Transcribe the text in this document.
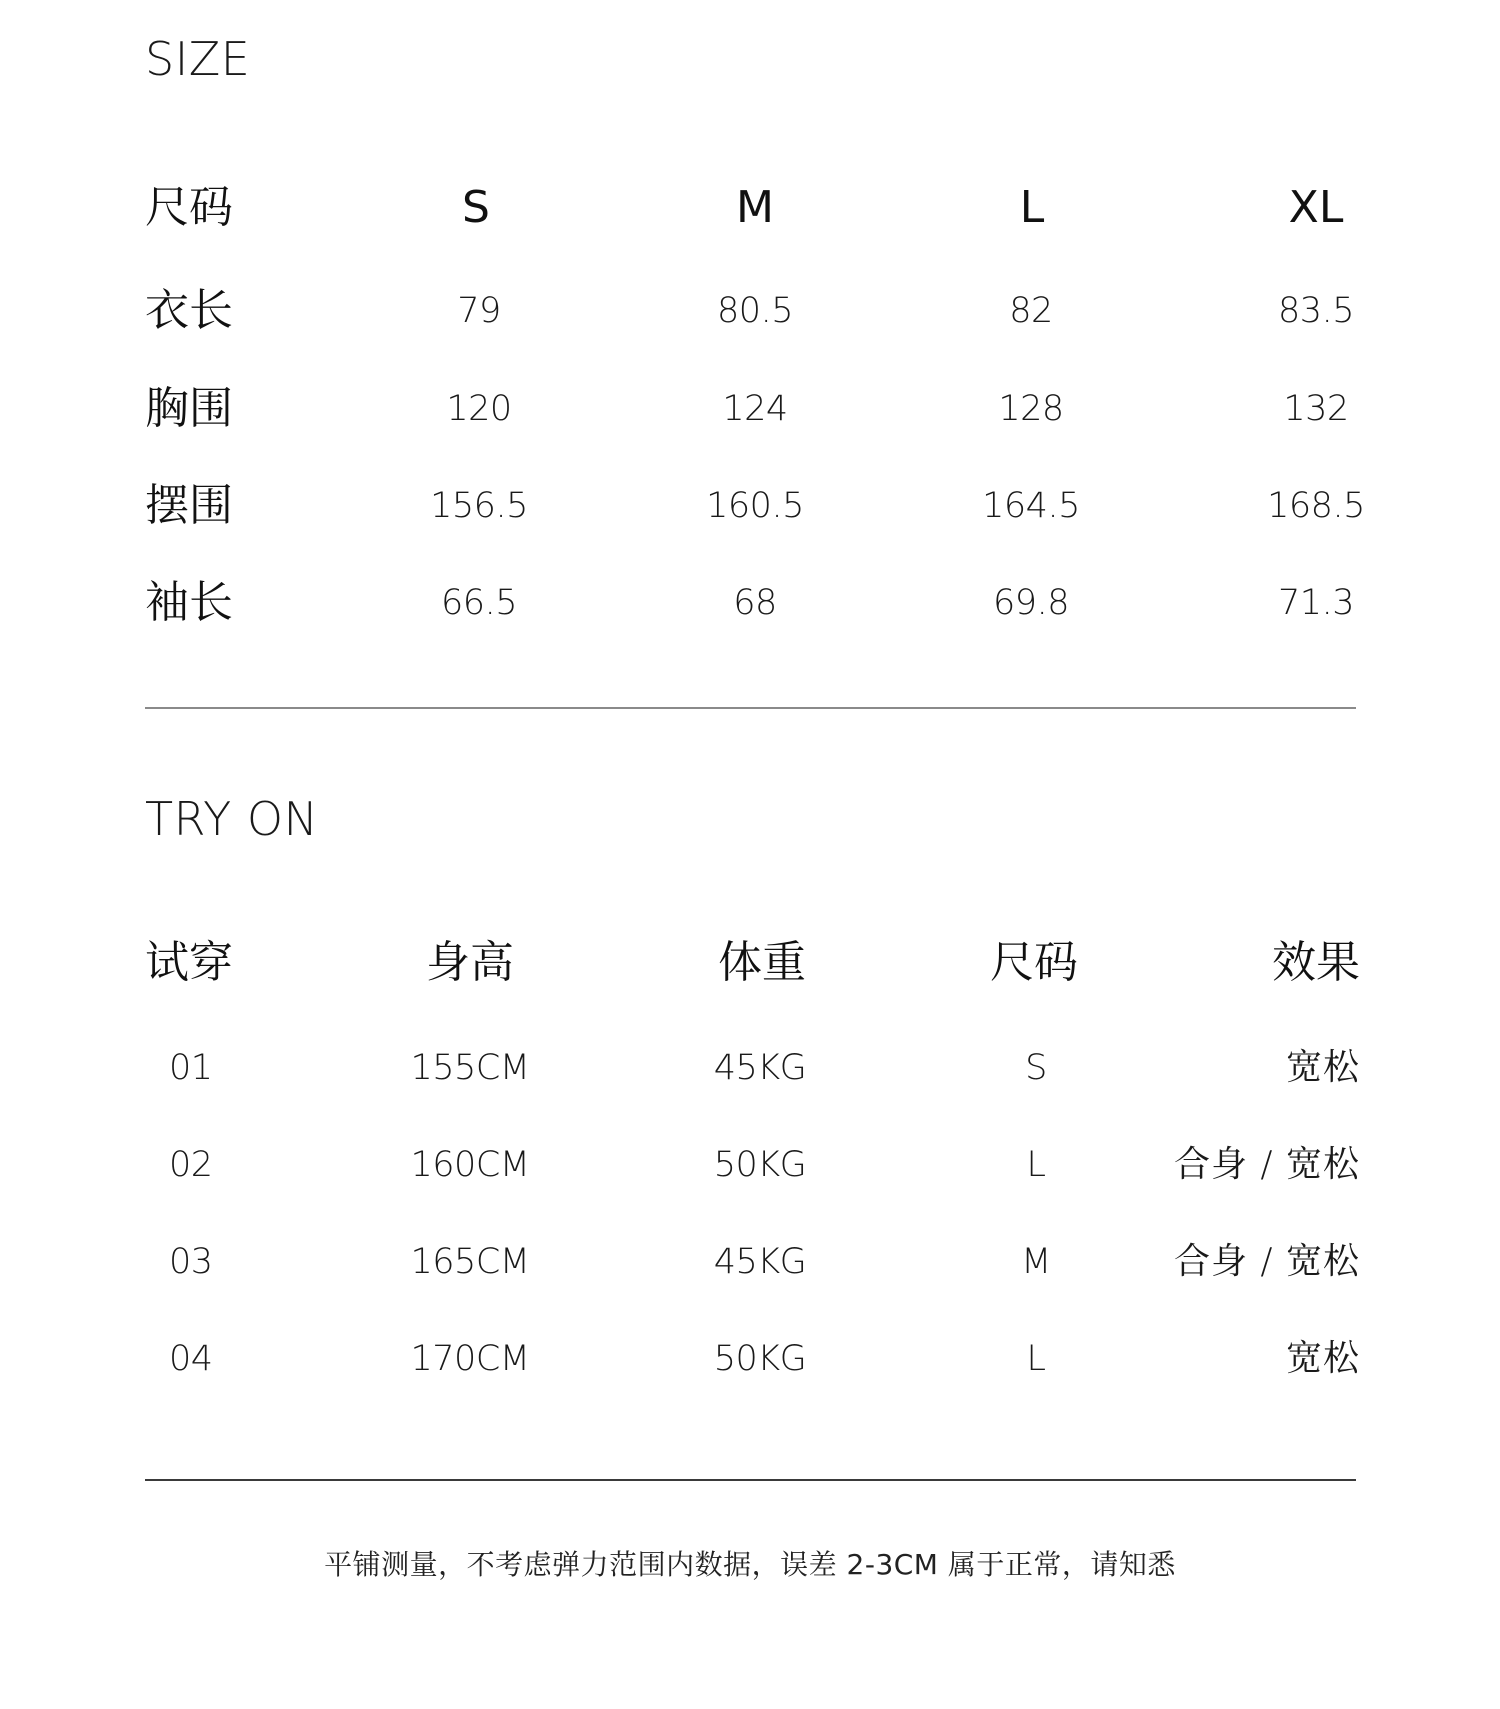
SIZE
尺码	S	M	L	XL
衣长	79	80.5	82	83.5
胸围	120	124	128	132
摆围	156.5	160.5	164.5	168.5
袖长	66.5	68	69.8	71.3
TRY ON
试穿	身高	体重	尺码	效果
01	155CM	45KG	S	宽松
02	160CM	50KG	L	合身 / 宽松
03	165CM	45KG	M	合身 / 宽松
04	170CM	50KG	L	宽松
平铺测量，不考虑弹力范围内数据，误差 2-3CM 属于正常，请知悉
